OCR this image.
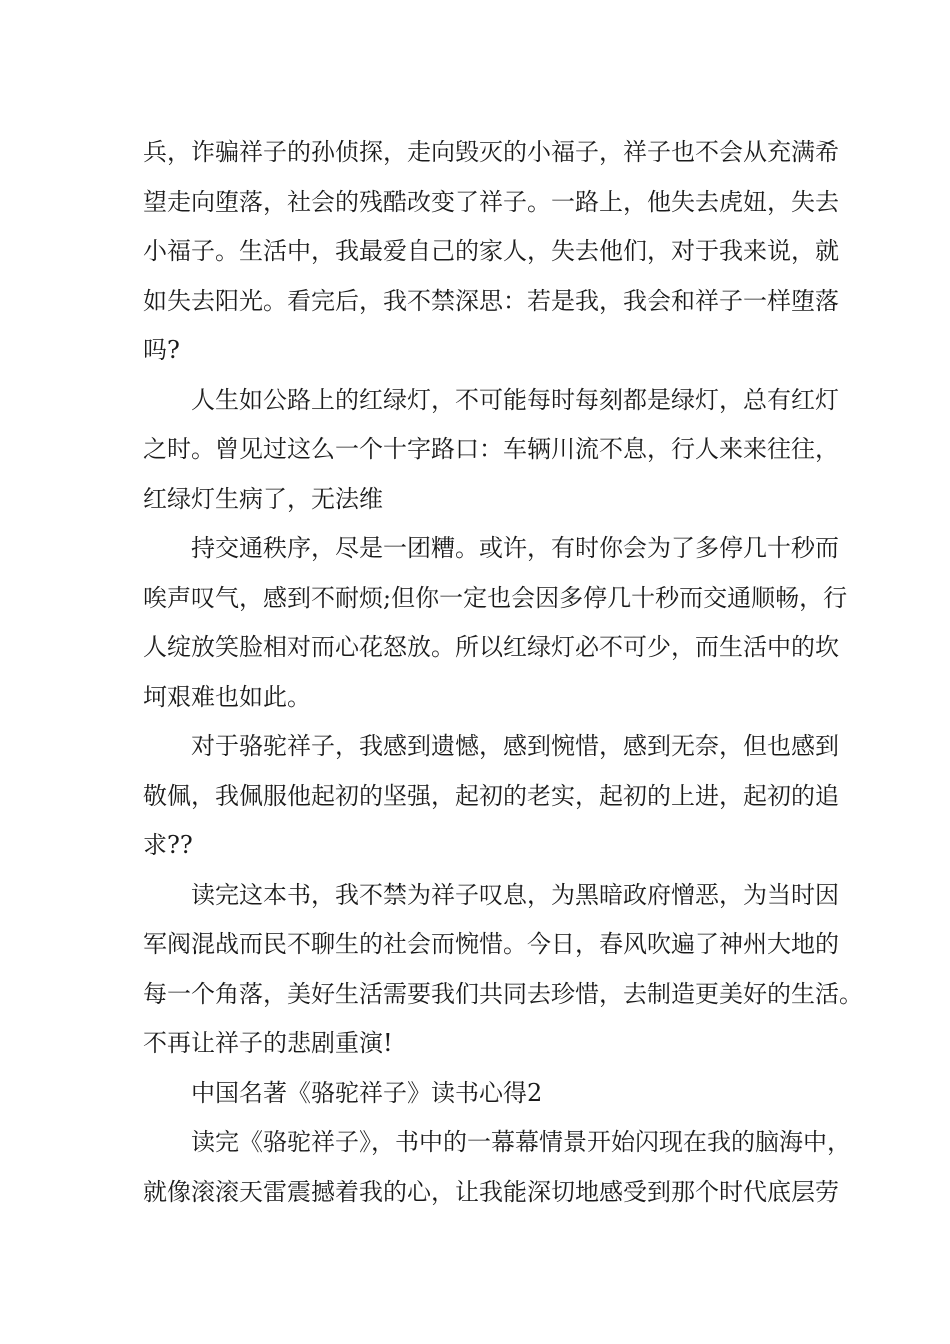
兵，诈骗祥子的孙侦探，走向毁灭的小福子，祥子也不会从充满希
望走向堕落，社会的残酷改变了祥子。一路上，他失去虎妞，失去
小福子。生活中，我最爱自己的家人，失去他们，对于我来说，就
如失去阳光。看完后，我不禁深思：若是我，我会和祥子一样堕落
吗?
人生如公路上的红绿灯，不可能每时每刻都是绿灯，总有红灯
之时。曾见过这么一个十字路口：车辆川流不息，行人来来往往，
红绿灯生病了，无法维
持交通秩序，尽是一团糟。或许，有时你会为了多停几十秒而
唉声叹气，感到不耐烦;但你一定也会因多停几十秒而交通顺畅，行
人绽放笑脸相对而心花怒放。所以红绿灯必不可少，而生活中的坎
坷艰难也如此。
对于骆驼祥子，我感到遗憾，感到惋惜，感到无奈，但也感到
敬佩，我佩服他起初的坚强，起初的老实，起初的上进，起初的追
求??
读完这本书，我不禁为祥子叹息，为黑暗政府憎恶，为当时因
军阀混战而民不聊生的社会而惋惜。今日，春风吹遍了神州大地的
每一个角落，美好生活需要我们共同去珍惜，去制造更美好的生活。
不再让祥子的悲剧重演!
中国名著《骆驼祥子》读书心得2
读完《骆驼祥子》，书中的一幕幕情景开始闪现在我的脑海中，
就像滚滚天雷震撼着我的心，让我能深切地感受到那个时代底层劳
